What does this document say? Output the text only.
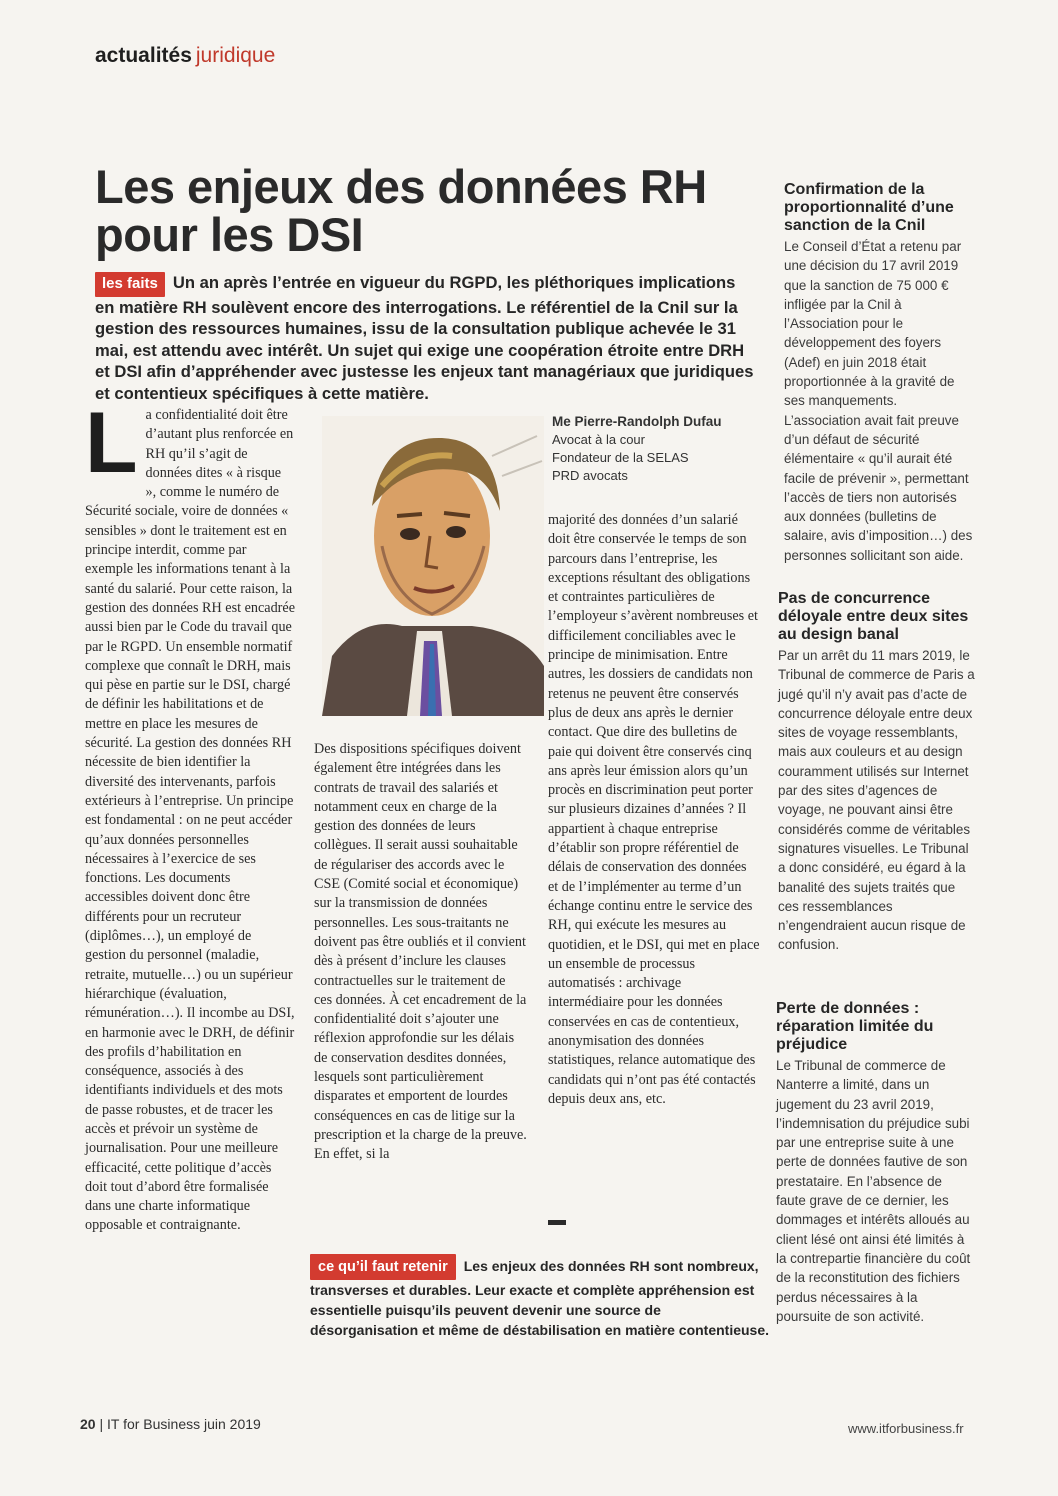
actualités juridique
Les enjeux des données RH pour les DSI

les faits Un an après l’entrée en vigueur du RGPD, les pléthoriques implications en matière RH soulèvent encore des interrogations. Le référentiel de la Cnil sur la gestion des ressources humaines, issu de la consultation publique achevée le 31 mai, est attendu avec intérêt. Un sujet qui exige une coopération étroite entre DRH et DSI afin d’appréhender avec justesse les enjeux tant managériaux que juridiques et contentieux spécifiques à cette matière.

La confidentialité doit être d’autant plus renforcée en RH qu’il s’agit de données dites « à risque », comme le numéro de Sécurité sociale, voire de données « sensibles » dont le traitement est en principe interdit, comme par exemple les informations tenant à la santé du salarié. Pour cette raison, la gestion des données RH est encadrée aussi bien par le Code du travail que par le RGPD. Un ensemble normatif complexe que connaît le DRH, mais qui pèse en partie sur le DSI, chargé de définir les habilitations et de mettre en place les mesures de sécurité. La gestion des données RH nécessite de bien identifier la diversité des intervenants, parfois extérieurs à l’entreprise. Un principe est fondamental : on ne peut accéder qu’aux données personnelles nécessaires à l’exercice de ses fonctions. Les documents accessibles doivent donc être différents pour un recruteur (diplômes…), un employé de gestion du personnel (maladie, retraite, mutuelle…) ou un supérieur hiérarchique (évaluation, rémunération…). Il incombe au DSI, en harmonie avec le DRH, de définir des profils d’habilitation en conséquence, associés à des identifiants individuels et des mots de passe robustes, et de tracer les accès et prévoir un système de journalisation. Pour une meilleure efficacité, cette politique d’accès doit tout d’abord être formalisée dans une charte informatique opposable et contraignante.

Me Pierre-Randolph Dufau
Avocat à la cour
Fondateur de la SELAS
PRD avocats

Des dispositions spécifiques doivent également être intégrées dans les contrats de travail des salariés et notamment ceux en charge de la gestion des données de leurs collègues. Il serait aussi souhaitable de régulariser des accords avec le CSE (Comité social et économique) sur la transmission de données personnelles. Les sous-traitants ne doivent pas être oubliés et il convient dès à présent d’inclure les clauses contractuelles sur le traitement de ces données. À cet encadrement de la confidentialité doit s’ajouter une réflexion approfondie sur les délais de conservation desdites données, lesquels sont particulièrement disparates et emportent de lourdes conséquences en cas de litige sur la prescription et la charge de la preuve. En effet, si la

majorité des données d’un salarié doit être conservée le temps de son parcours dans l’entreprise, les exceptions résultant des obligations et contraintes particulières de l’employeur s’avèrent nombreuses et difficilement conciliables avec le principe de minimisation. Entre autres, les dossiers de candidats non retenus ne peuvent être conservés plus de deux ans après le dernier contact. Que dire des bulletins de paie qui doivent être conservés cinq ans après leur émission alors qu’un procès en discrimination peut porter sur plusieurs dizaines d’années ? Il appartient à chaque entreprise d’établir son propre référentiel de délais de conservation des données et de l’implémenter au terme d’un échange continu entre le service des RH, qui exécute les mesures au quotidien, et le DSI, qui met en place un ensemble de processus automatisés : archivage intermédiaire pour les données conservées en cas de contentieux, anonymisation des données statistiques, relance automatique des candidats qui n’ont pas été contactés depuis deux ans, etc.

ce qu’il faut retenir Les enjeux des données RH sont nombreux, transverses et durables. Leur exacte et complète appréhension est essentielle puisqu’ils peuvent devenir une source de désorganisation et même de déstabilisation en matière contentieuse.
Confirmation de la proportionnalité d’une sanction de la Cnil

Le Conseil d’État a retenu par une décision du 17 avril 2019 que la sanction de 75 000 € infligée par la Cnil à l’Association pour le développement des foyers (Adef) en juin 2018 était proportionnée à la gravité de ses manquements. L’association avait fait preuve d’un défaut de sécurité élémentaire « qu’il aurait été facile de prévenir », permettant l’accès de tiers non autorisés aux données (bulletins de salaire, avis d’imposition…) des personnes sollicitant son aide.

Pas de concurrence déloyale entre deux sites au design banal

Par un arrêt du 11 mars 2019, le Tribunal de commerce de Paris a jugé qu’il n’y avait pas d’acte de concurrence déloyale entre deux sites de voyage ressemblants, mais aux couleurs et au design couramment utilisés sur Internet par des sites d’agences de voyage, ne pouvant ainsi être considérés comme de véritables signatures visuelles. Le Tribunal a donc considéré, eu égard à la banalité des sujets traités que ces ressemblances n’engendraient aucun risque de confusion.

Perte de données : réparation limitée du préjudice

Le Tribunal de commerce de Nanterre a limité, dans un jugement du 23 avril 2019, l’indemnisation du préjudice subi par une entreprise suite à une perte de données fautive de son prestataire. En l’absence de faute grave de ce dernier, les dommages et intérêts alloués au client lésé ont ainsi été limités à la contrepartie financière du coût de la reconstitution des fichiers perdus nécessaires à la poursuite de son activité.

20 | IT for Business juin 2019	www.itforbusiness.fr
